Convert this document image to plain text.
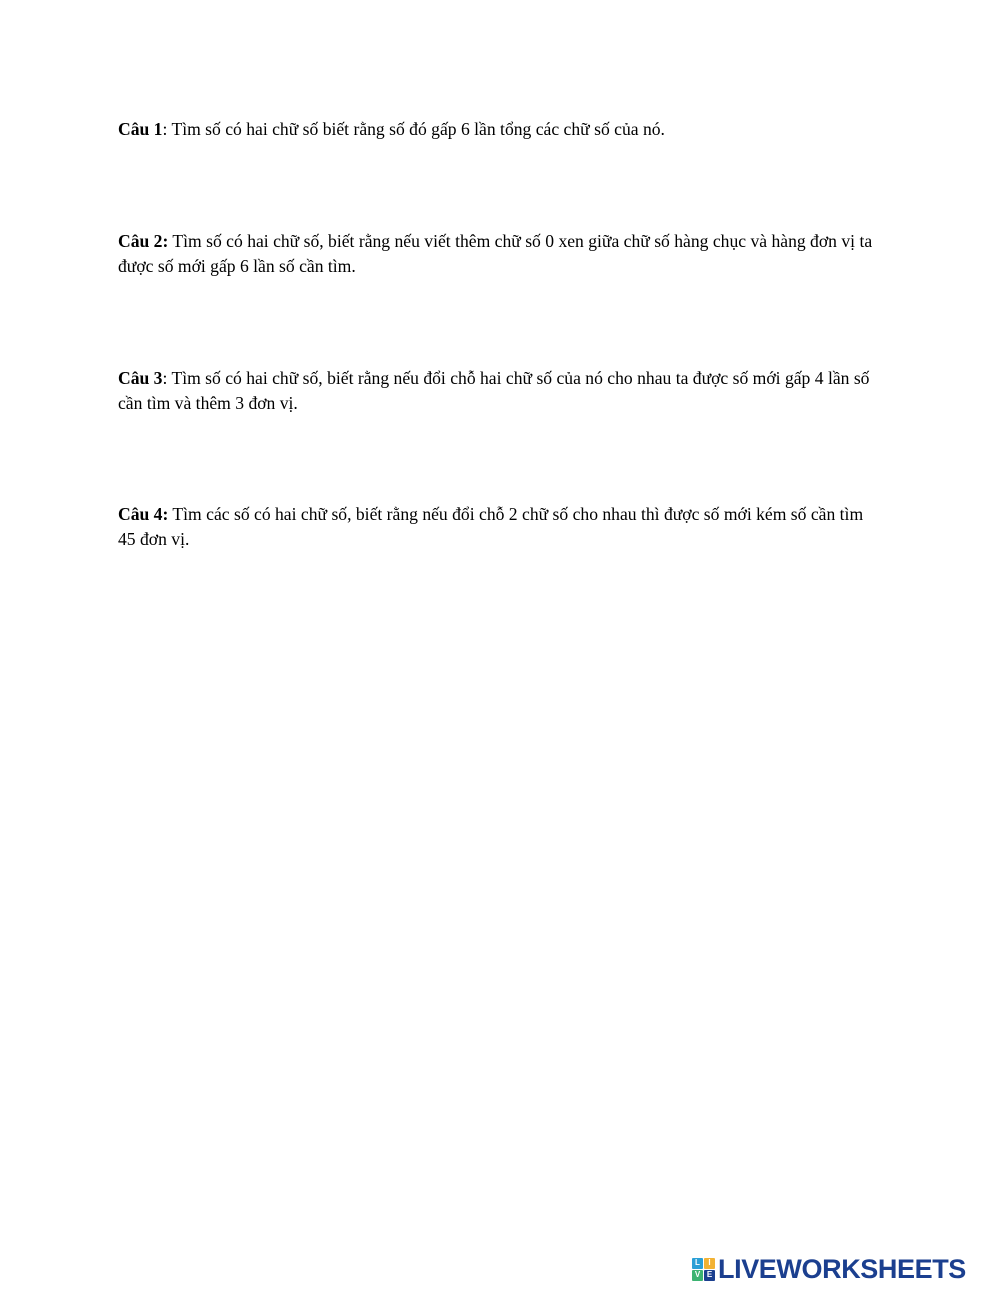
Câu 1: Tìm số có hai chữ số biết rằng số đó gấp 6 lần tổng các chữ số của nó.

Câu 2: Tìm số có hai chữ số, biết rằng nếu viết thêm chữ số 0 xen giữa chữ số hàng chục và hàng đơn vị ta được số mới gấp 6 lần số cần tìm.

Câu 3: Tìm số có hai chữ số, biết rằng nếu đổi chỗ hai chữ số của nó cho nhau ta được số mới gấp 4 lần số cần tìm và thêm 3 đơn vị.

Câu 4: Tìm các số có hai chữ số, biết rằng nếu đổi chỗ 2 chữ số cho nhau thì được số mới kém số cần tìm 45 đơn vị.

L	I
V E LIVEWORKSHEETS
